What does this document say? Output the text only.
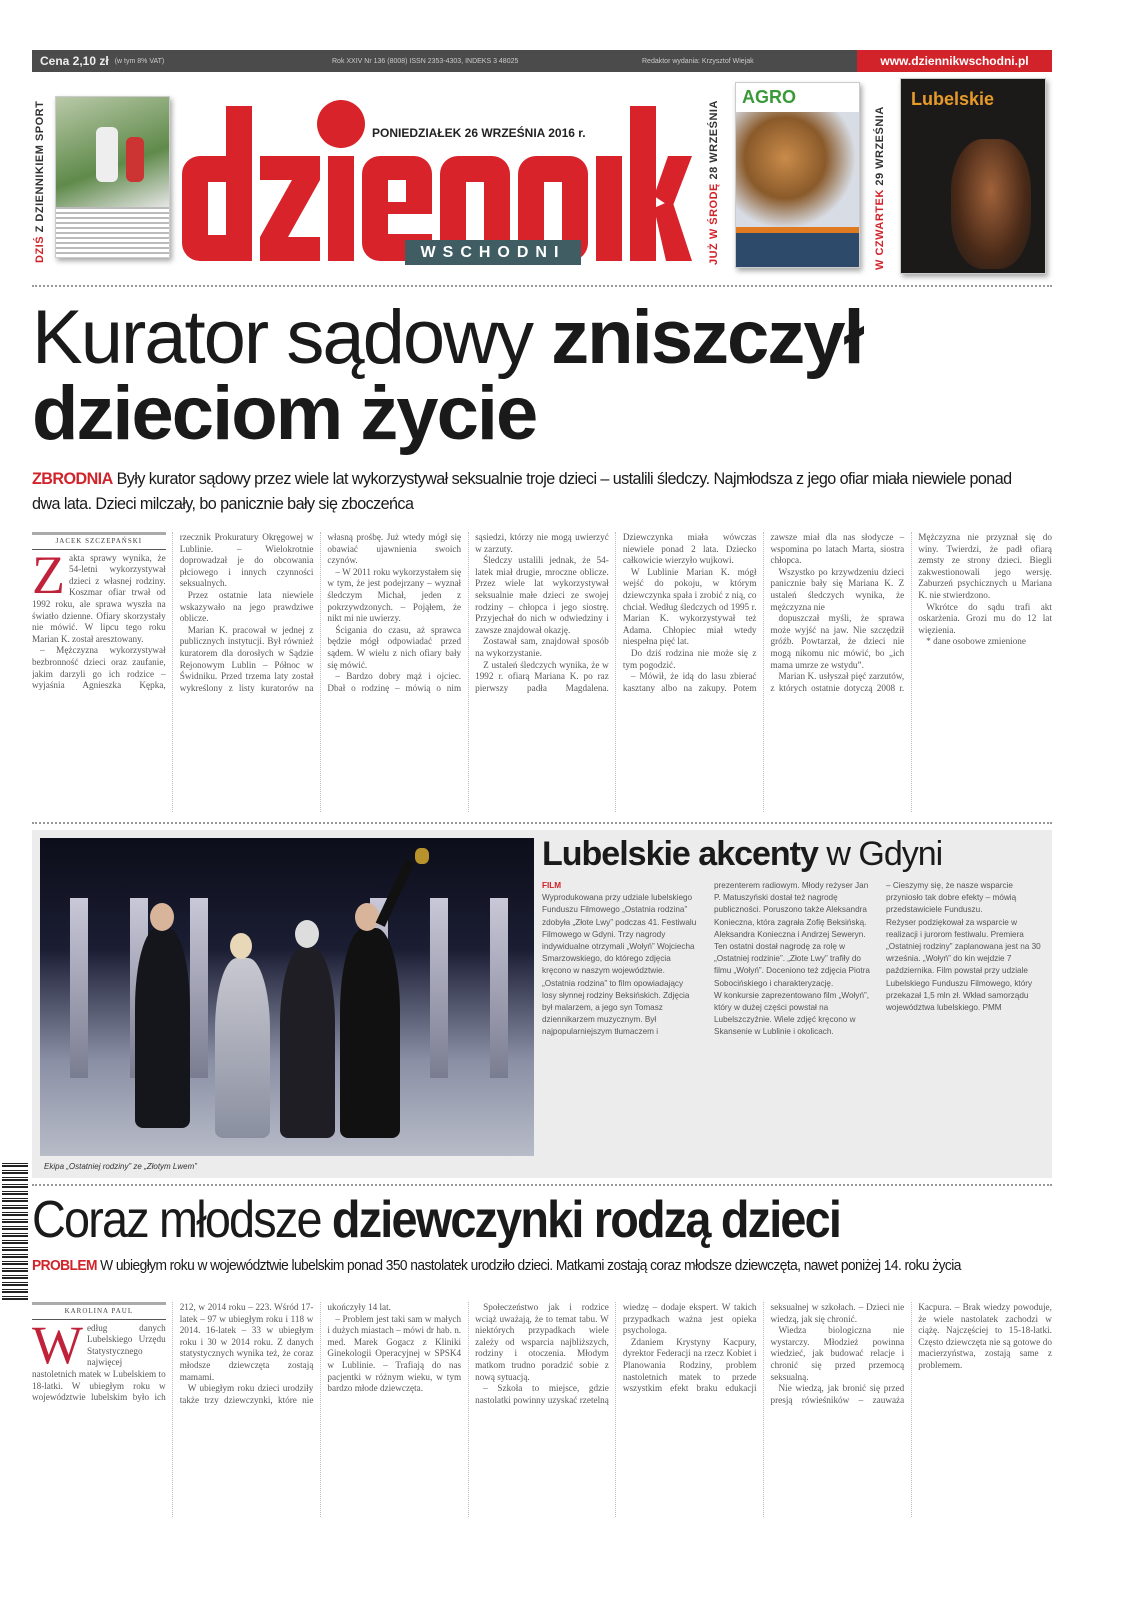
Cena 2,10 zł (w tym 8% VAT)	Rok XXIV Nr 136 (8008) ISSN 2353-4303, INDEKS 3 48025	Redaktor wydania: Krzysztof Wiejak	www.dziennikwschodni.pl
DZIŚ Z DZIENNIKIEM SPORT	PONIEDZIAŁEK 26 WRZEŚNIA 2016 r.
WSCHODNI	JUŻ W ŚRODĘ 28 WRZEŚNIA
AGRO
W CZWARTEK 29 WRZEŚNIA
Lubelskie
Kurator sądowy zniszczył
dzieciom życie
ZBRODNIA Były kurator sądowy przez wiele lat wykorzystywał seksualnie troje dzieci – ustalili śledczy. Najmłodsza z jego ofiar miała niewiele ponad dwa lata. Dzieci milczały, bo panicznie bały się zboczeńca
JACEK SZCZEPAŃSKI
Z akta sprawy wynika, że 54-letni wykorzystywał dzieci z własnej rodziny. Koszmar ofiar trwał od 1992 roku, ale sprawa wyszła na światło dzienne. Ofiary skorzystały nie mówić. W lipcu tego roku Marian K. został aresztowany.

– Mężczyzna wykorzystywał bezbronność dzieci oraz zaufanie, jakim darzyli go ich rodzice – wyjaśnia Agnieszka Kępka, rzecznik Prokuratury Okręgowej w Lublinie. – Wielokrotnie doprowadzał je do obcowania płciowego i innych czynności seksualnych.

Przez ostatnie lata niewiele wskazywało na jego prawdziwe oblicze.

Marian K. pracował w jednej z publicznych instytucji. Był również kuratorem dla dorosłych w Sądzie Rejonowym Lublin – Północ w Świdniku. Przed trzema laty został wykreślony z listy kuratorów na własną prośbę. Już wtedy mógł się obawiać ujawnienia swoich czynów.

– W 2011 roku wykorzystałem się w tym, że jest podejrzany – wyznał śledczym Michał, jeden z pokrzywdzonych. – Pojąłem, że nikt mi nie uwierzy.

Ścigania do czasu, aż sprawca będzie mógł odpowiadać przed sądem. W wielu z nich ofiary bały się mówić.

– Bardzo dobry mąż i ojciec. Dbał o rodzinę – mówią o nim sąsiedzi, którzy nie mogą uwierzyć w zarzuty.

Śledczy ustalili jednak, że 54-latek miał drugie, mroczne oblicze. Przez wiele lat wykorzystywał seksualnie małe dzieci ze swojej rodziny – chłopca i jego siostrę. Przyjechał do nich w odwiedziny i zawsze znajdował okazję.

Zostawał sam, znajdował sposób na wykorzystanie.

Z ustaleń śledczych wynika, że w 1992 r. ofiarą Mariana K. po raz pierwszy padła Magdalena. Dziewczynka miała wówczas niewiele ponad 2 lata. Dziecko całkowicie wierzyło wujkowi.

W Lublinie Marian K. mógł wejść do pokoju, w którym dziewczynka spała i zrobić z nią, co chciał. Według śledczych od 1995 r. Marian K. wykorzystywał też Adama. Chłopiec miał wtedy niespełna pięć lat.

Do dziś rodzina nie może się z tym pogodzić.

– Mówił, że idą do lasu zbierać kasztany albo na zakupy. Potem zawsze miał dla nas słodycze – wspomina po latach Marta, siostra chłopca.

Wszystko po krzywdzeniu dzieci panicznie bały się Mariana K. Z ustaleń śledczych wynika, że mężczyzna nie

dopuszczał myśli, że sprawa może wyjść na jaw. Nie szczędził gróźb. Powtarzał, że dzieci nie mogą nikomu nic mówić, bo „ich mama umrze ze wstydu”.

Marian K. usłyszał pięć zarzutów, z których ostatnie dotyczą 2008 r. Mężczyzna nie przyznał się do winy. Twierdzi, że padł ofiarą zemsty ze strony dzieci. Biegli zakwestionowali jego wersję. Zaburzeń psychicznych u Mariana K. nie stwierdzono.

Wkrótce do sądu trafi akt oskarżenia. Grozi mu do 12 lat więzienia.

* dane osobowe zmienione

Ekipa „Ostatniej rodziny” ze „Złotym Lwem”
Lubelskie akcenty w Gdyni
FILM

Wyprodukowana przy udziale lubelskiego Funduszu Filmowego „Ostatnia rodzina” zdobyła „Złote Lwy” podczas 41. Festiwalu Filmowego w Gdyni. Trzy nagrody indywidualne otrzymali „Wołyń” Wojciecha Smarzowskiego, do którego zdjęcia kręcono w naszym województwie.

„Ostatnia rodzina” to film opowiadający losy słynnej rodziny Beksińskich. Zdjęcia był malarzem, a jego syn Tomasz dziennikarzem muzycznym. Był najpopularniejszym tłumaczem i prezenterem radiowym. Młody reżyser Jan P. Matuszyński dostał też nagrodę publiczności. Poruszono także Aleksandra Konieczna, która zagrała Zofię Beksińską.

Aleksandra Konieczna i Andrzej Seweryn. Ten ostatni dostał nagrodę za rolę w „Ostatniej rodzinie”. „Złote Lwy” trafiły do filmu „Wołyń”. Doceniono też zdjęcia Piotra Sobocińskiego i charakteryzację.

W konkursie zaprezentowano film „Wołyń”, który w dużej części powstał na Lubelszczyźnie. Wiele zdjęć kręcono w Skansenie w Lublinie i okolicach.

– Cieszymy się, że nasze wsparcie przyniosło tak dobre efekty – mówią przedstawiciele Funduszu.

Reżyser podziękował za wsparcie w realizacji i jurorom festiwalu. Premiera „Ostatniej rodziny” zaplanowana jest na 30 września. „Wołyń” do kin wejdzie 7 października. Film powstał przy udziale Lubelskiego Funduszu Filmowego, który przekazał 1,5 mln zł. Wkład samorządu województwa lubelskiego. PMM

Coraz młodsze dziewczynki rodzą dzieci
PROBLEM W ubiegłym roku w województwie lubelskim ponad 350 nastolatek urodziło dzieci. Matkami zostają coraz młodsze dziewczęta, nawet poniżej 14. roku życia
KAROLINA PAUL
W edług danych Lubelskiego Urzędu Statystycznego najwięcej nastoletnich matek w Lubelskiem to 18-latki. W ubiegłym roku w województwie lubelskim było ich 212, w 2014 roku – 223. Wśród 17-latek – 97 w ubiegłym roku i 118 w 2014. 16-latek – 33 w ubiegłym roku i 30 w 2014 roku. Z danych statystycznych wynika też, że coraz młodsze dziewczęta zostają mamami.

W ubiegłym roku dzieci urodziły także trzy dziewczynki, które nie ukończyły 14 lat.

– Problem jest taki sam w małych i dużych miastach – mówi dr hab. n. med. Marek Gogacz z Kliniki Ginekologii Operacyjnej w SPSK4 w Lublinie. – Trafiają do nas pacjentki w różnym wieku, w tym bardzo młode dziewczęta.

Społeczeństwo jak i rodzice wciąż uważają, że to temat tabu. W niektórych przypadkach wiele zależy od wsparcia najbliższych, rodziny i otoczenia. Młodym matkom trudno poradzić sobie z nową sytuacją.

– Szkoła to miejsce, gdzie nastolatki powinny uzyskać rzetelną wiedzę – dodaje ekspert. W takich przypadkach ważna jest opieka psychologa.

Zdaniem Krystyny Kacpury, dyrektor Federacji na rzecz Kobiet i Planowania Rodziny, problem nastoletnich matek to przede wszystkim efekt braku edukacji seksualnej w szkołach. – Dzieci nie wiedzą, jak się chronić.

Wiedza biologiczna nie wystarczy. Młodzież powinna wiedzieć, jak budować relacje i chronić się przed przemocą seksualną.

Nie wiedzą, jak bronić się przed presją rówieśników – zauważa Kacpura. – Brak wiedzy powoduje, że wiele nastolatek zachodzi w ciążę. Najczęściej to 15-18-latki. Często dziewczęta nie są gotowe do macierzyństwa, zostają same z problemem.
